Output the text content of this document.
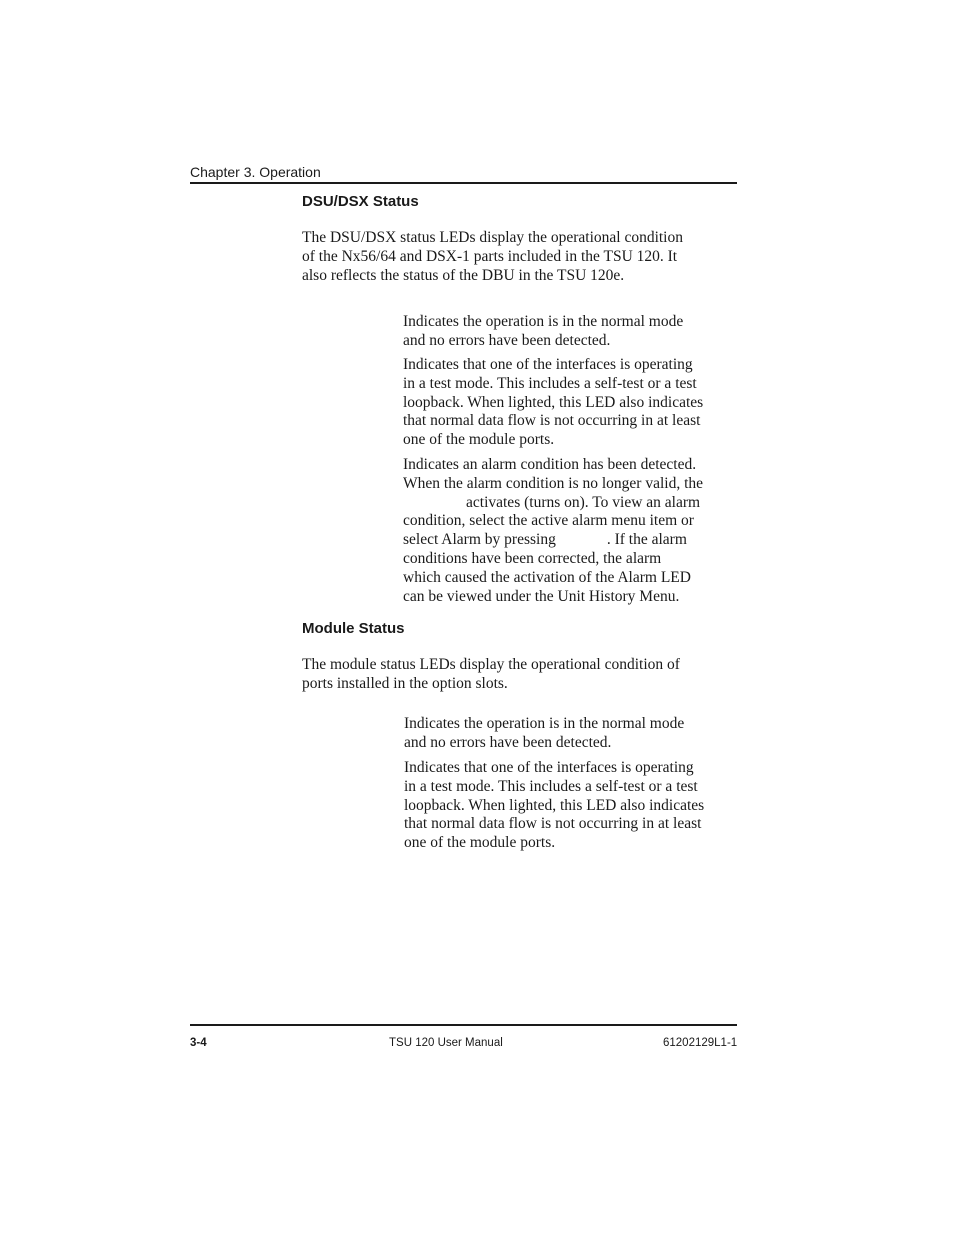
Chapter 3. Operation
DSU/DSX Status

The DSU/DSX status LEDs display the operational condition
of the Nx56/64 and DSX-1 parts included in the TSU 120. It
also reflects the status of the DBU in the TSU 120e.

Indicates the operation is in the normal mode
and no errors have been detected.

Indicates that one of the interfaces is operating
in a test mode. This includes a self-test or a test
loopback. When lighted, this LED also indicates
that normal data flow is not occurring in at least
one of the module ports.

Indicates an alarm condition has been detected.
When the alarm condition is no longer valid, the
activates (turns on). To view an alarm
condition, select the active alarm menu item or
select Alarm by pressing	. If the alarm
conditions have been corrected, the alarm
which caused the activation of the Alarm LED
can be viewed under the Unit History Menu.

Module Status

The module status LEDs display the operational condition of
ports installed in the option slots.

Indicates the operation is in the normal mode
and no errors have been detected.

Indicates that one of the interfaces is operating
in a test mode. This includes a self-test or a test
loopback. When lighted, this LED also indicates
that normal data flow is not occurring in at least
one of the module ports.

3-4	TSU 120 User Manual	61202129L1-1
